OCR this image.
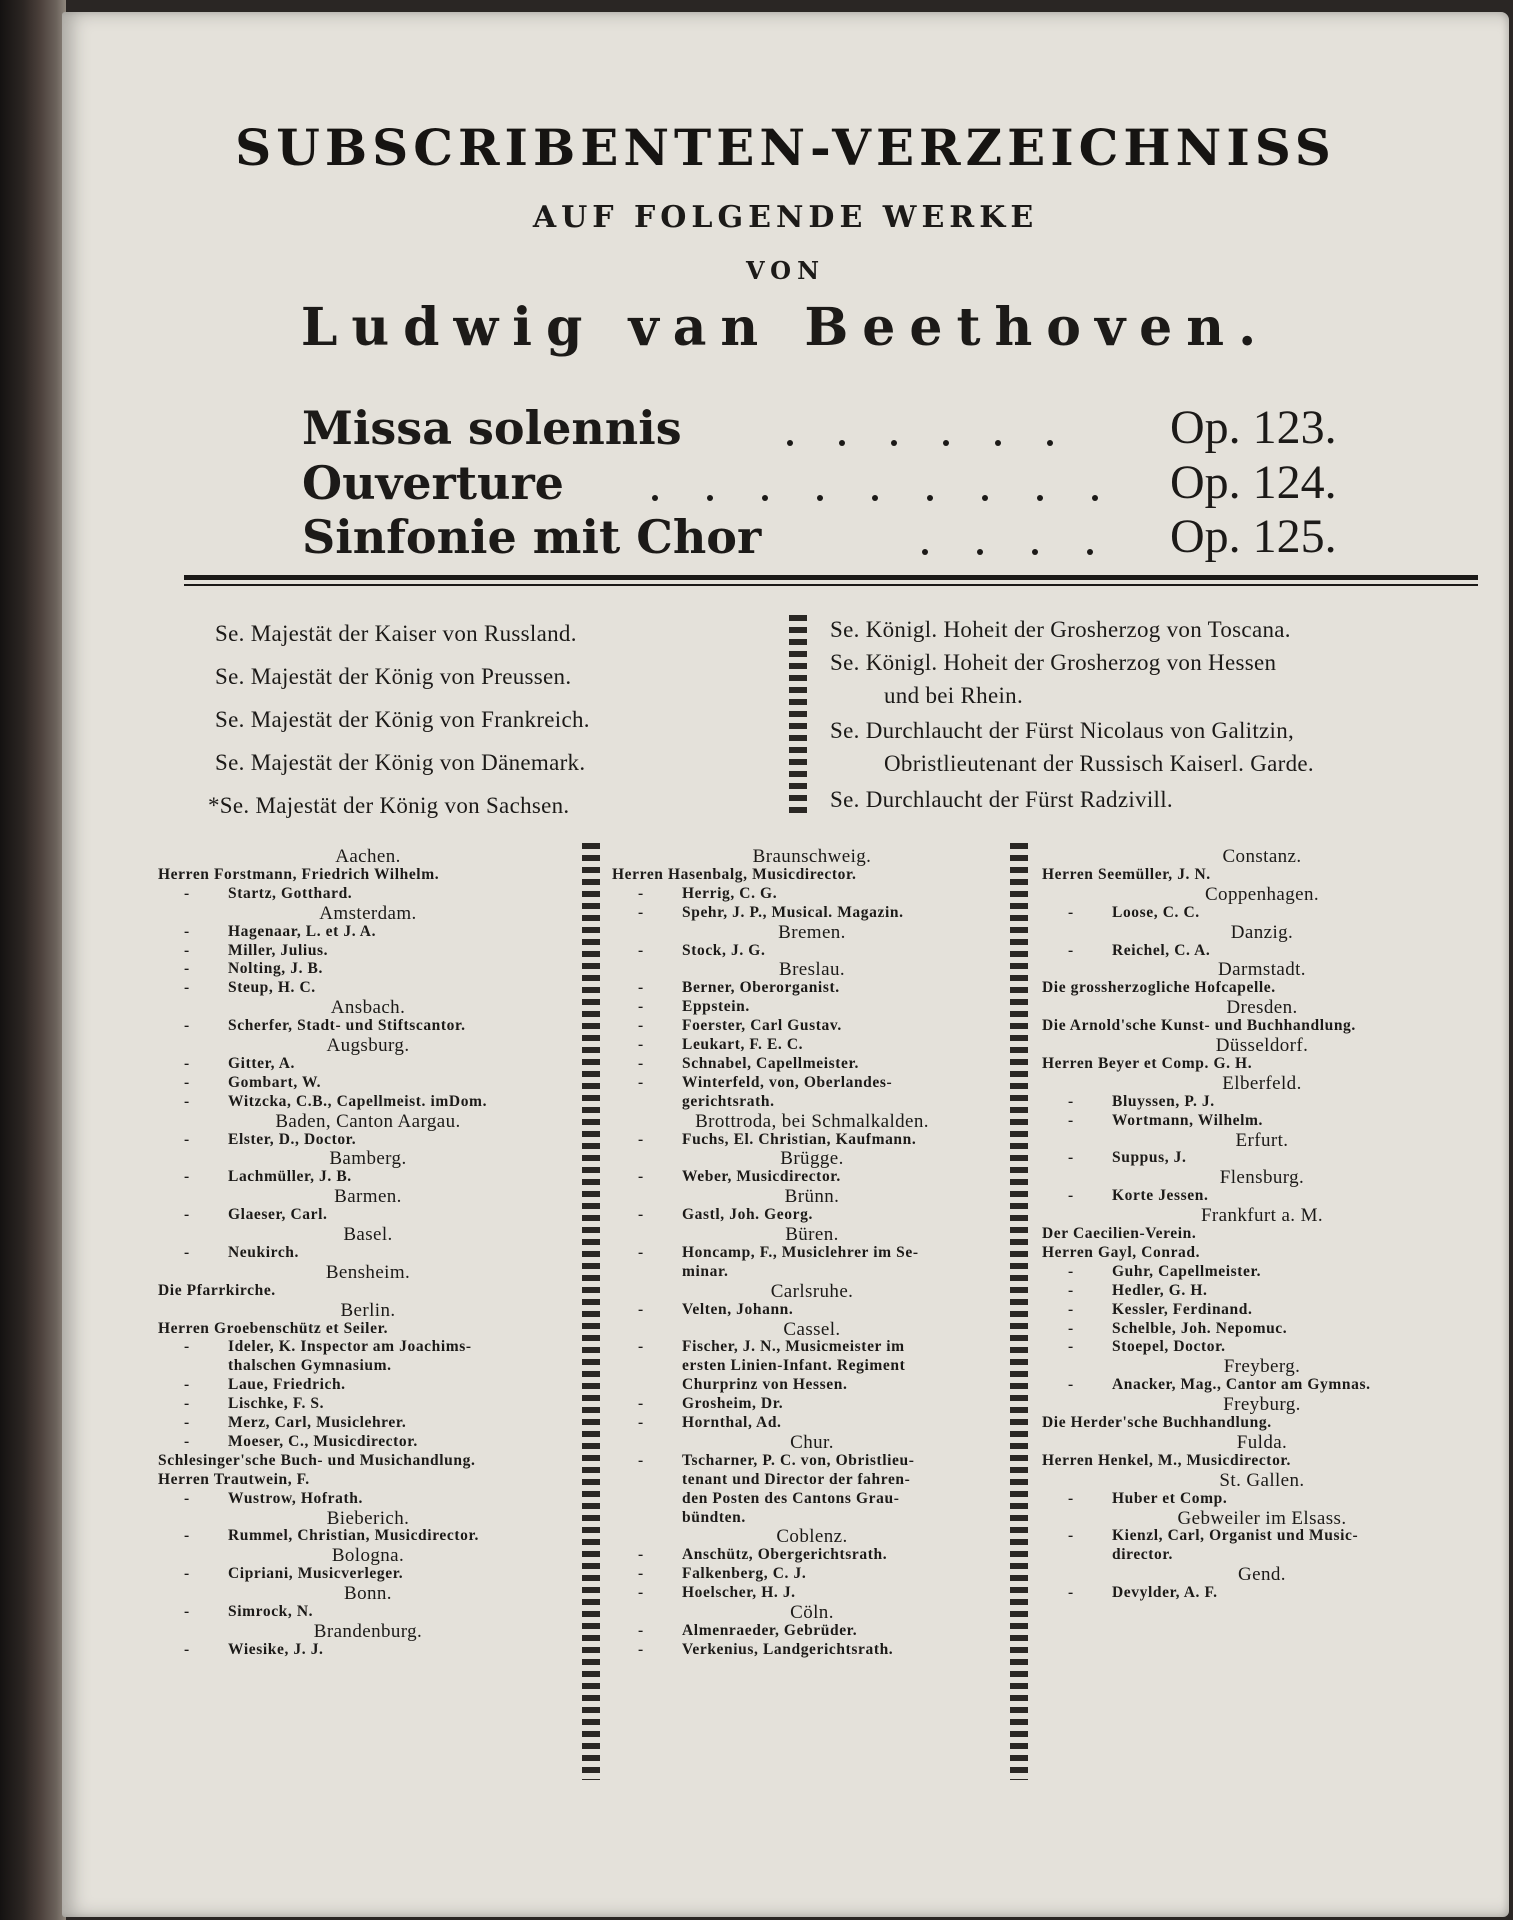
SUBSCRIBENTEN-VERZEICHNISS
AUF FOLGENDE WERKE
VON
Ludwig van Beethoven.
Missa solennis	Op. 123.
Ouverture	Op. 124.
Sinfonie mit Chor	Op. 125.
Se. Majestät der Kaiser von Russland.
Se. Majestät der König von Preussen.
Se. Majestät der König von Frankreich.
Se. Majestät der König von Dänemark.
*Se. Majestät der König von Sachsen.
Se. Königl. Hoheit der Grosherzog von Toscana.
Se. Königl. Hoheit der Grosherzog von Hessen
und bei Rhein.
Se. Durchlaucht der Fürst Nicolaus von Galitzin,
Obristlieutenant der Russisch Kaiserl. Garde.
Se. Durchlaucht der Fürst Radzivill.
Aachen.
Herren Forstmann, Friedrich Wilhelm.
- Startz, Gotthard.
Amsterdam.
- Hagenaar, L. et J. A.
- Miller, Julius.
- Nolting, J. B.
- Steup, H. C.
Ansbach.
- Scherfer, Stadt- und Stiftscantor.
Augsburg.
- Gitter, A.
- Gombart, W.
- Witzcka, C.B., Capellmeist. imDom.
Baden, Canton Aargau.
- Elster, D., Doctor.
Bamberg.
- Lachmüller, J. B.
Barmen.
- Glaeser, Carl.
Basel.
- Neukirch.
Bensheim.
Die Pfarrkirche.
Berlin.
Herren Groebenschütz et Seiler.
- Ideler, K. Inspector am Joachims-
thalschen Gymnasium.
- Laue, Friedrich.
- Lischke, F. S.
- Merz, Carl, Musiclehrer.
- Moeser, C., Musicdirector.
Schlesinger'sche Buch- und Musichandlung.
Herren Trautwein, F.
- Wustrow, Hofrath.
Bieberich.
- Rummel, Christian, Musicdirector.
Bologna.
- Cipriani, Musicverleger.
Bonn.
- Simrock, N.
Brandenburg.
- Wiesike, J. J.
Braunschweig.
Herren Hasenbalg, Musicdirector.
- Herrig, C. G.
- Spehr, J. P., Musical. Magazin.
Bremen.
- Stock, J. G.
Breslau.
- Berner, Oberorganist.
- Eppstein.
- Foerster, Carl Gustav.
- Leukart, F. E. C.
- Schnabel, Capellmeister.
- Winterfeld, von, Oberlandes-
gerichtsrath.
Brottroda, bei Schmalkalden.
- Fuchs, El. Christian, Kaufmann.
Brügge.
- Weber, Musicdirector.
Brünn.
- Gastl, Joh. Georg.
Büren.
- Honcamp, F., Musiclehrer im Se-
minar.
Carlsruhe.
- Velten, Johann.
Cassel.
- Fischer, J. N., Musicmeister im
ersten Linien-Infant. Regiment
Churprinz von Hessen.
- Grosheim, Dr.
- Hornthal, Ad.
Chur.
- Tscharner, P. C. von, Obristlieu-
tenant und Director der fahren-
den Posten des Cantons Grau-
bündten.
Coblenz.
- Anschütz, Obergerichtsrath.
- Falkenberg, C. J.
- Hoelscher, H. J.
Cöln.
- Almenraeder, Gebrüder.
- Verkenius, Landgerichtsrath.
Constanz.
Herren Seemüller, J. N.
Coppenhagen.
- Loose, C. C.
Danzig.
- Reichel, C. A.
Darmstadt.
Die grossherzogliche Hofcapelle.
Dresden.
Die Arnold'sche Kunst- und Buchhandlung.
Düsseldorf.
Herren Beyer et Comp. G. H.
Elberfeld.
- Bluyssen, P. J.
- Wortmann, Wilhelm.
Erfurt.
- Suppus, J.
Flensburg.
- Korte Jessen.
Frankfurt a. M.
Der Caecilien-Verein.
Herren Gayl, Conrad.
- Guhr, Capellmeister.
- Hedler, G. H.
- Kessler, Ferdinand.
- Schelble, Joh. Nepomuc.
- Stoepel, Doctor.
Freyberg.
- Anacker, Mag., Cantor am Gymnas.
Freyburg.
Die Herder'sche Buchhandlung.
Fulda.
Herren Henkel, M., Musicdirector.
St. Gallen.
- Huber et Comp.
Gebweiler im Elsass.
- Kienzl, Carl, Organist und Music-
director.
Gend.
- Devylder, A. F.
